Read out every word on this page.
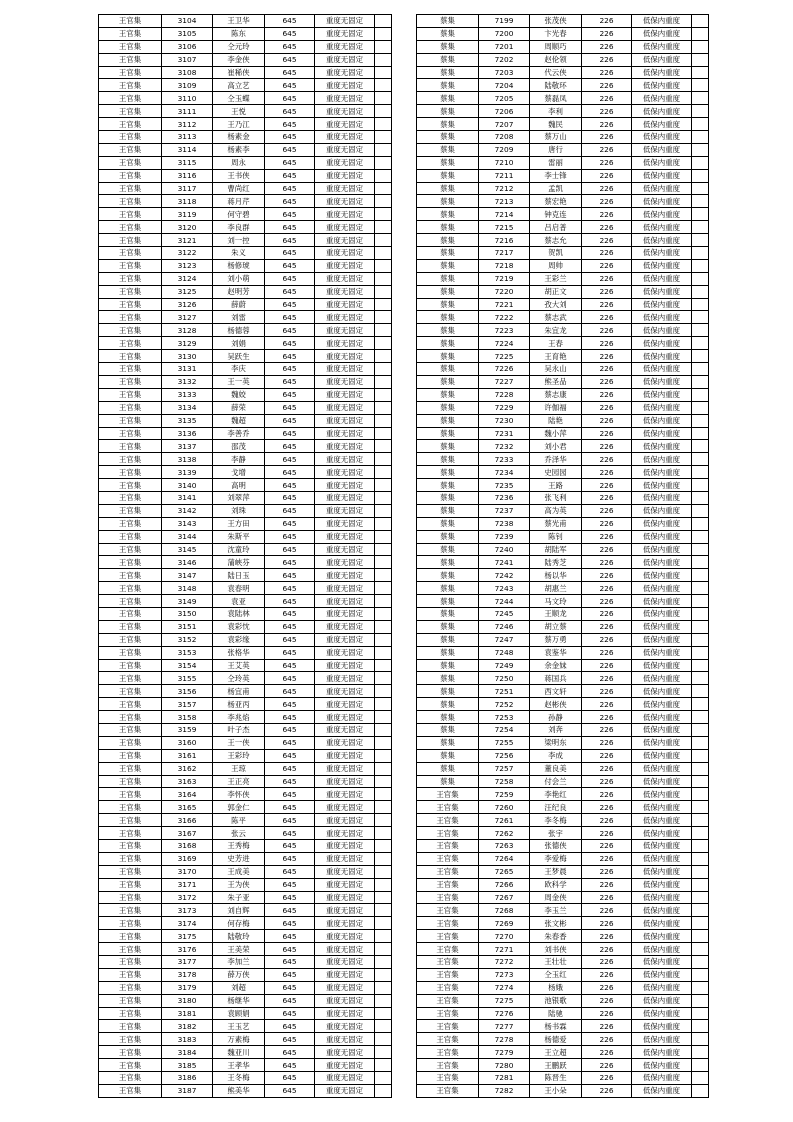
王官集	3104	王卫华	645	重度无固定	
王官集	3105	陈东	645	重度无固定	
王官集	3106	仝元玲	645	重度无固定	
王官集	3107	李金侠	645	重度无固定	
王官集	3108	崔稀侠	645	重度无固定	
王官集	3109	高立艺	645	重度无固定	
王官集	3110	仝玉蝶	645	重度无固定	
王官集	3111	王悦	645	重度无固定	
王官集	3112	王乃江	645	重度无固定	
王官集	3113	杨素金	645	重度无固定	
王官集	3114	杨素李	645	重度无固定	
王官集	3115	周永	645	重度无固定	
王官集	3116	王书侠	645	重度无固定	
王官集	3117	曹尚红	645	重度无固定	
王官集	3118	蒋月芹	645	重度无固定	
王官集	3119	何守碧	645	重度无固定	
王官集	3120	李良群	645	重度无固定	
王官集	3121	刘一控	645	重度无固定	
王官集	3122	朱义	645	重度无固定	
王官集	3123	杨修琥	645	重度无固定	
王官集	3124	刘小萌	645	重度无固定	
王官集	3125	赵明芳	645	重度无固定	
王官集	3126	薛蔚	645	重度无固定	
王官集	3127	刘雷	645	重度无固定	
王官集	3128	杨德蓉	645	重度无固定	
王官集	3129	刘娟	645	重度无固定	
王官集	3130	吴跃生	645	重度无固定	
王官集	3131	李庆	645	重度无固定	
王官集	3132	王一英	645	重度无固定	
王官集	3133	魏姣	645	重度无固定	
王官集	3134	薛荣	645	重度无固定	
王官集	3135	魏超	645	重度无固定	
王官集	3136	李善乔	645	重度无固定	
王官集	3137	邵茂	645	重度无固定	
王官集	3138	李静	645	重度无固定	
王官集	3139	戈增	645	重度无固定	
王官集	3140	高明	645	重度无固定	
王官集	3141	刘翠萍	645	重度无固定	
王官集	3142	刘珠	645	重度无固定	
王官集	3143	王方田	645	重度无固定	
王官集	3144	朱斯平	645	重度无固定	
王官集	3145	沈童玲	645	重度无固定	
王官集	3146	蒲峡芬	645	重度无固定	
王官集	3147	陆日玉	645	重度无固定	
王官集	3148	袁春明	645	重度无固定	
王官集	3149	袁亚	645	重度无固定	
王官集	3150	袁陆林	645	重度无固定	
王官集	3151	袁彩忱	645	重度无固定	
王官集	3152	袁彩缘	645	重度无固定	
王官集	3153	张格华	645	重度无固定	
王官集	3154	王艾英	645	重度无固定	
王官集	3155	仝玲英	645	重度无固定	
王官集	3156	杨宜甫	645	重度无固定	
王官集	3157	杨亚丙	645	重度无固定	
王官集	3158	李兆焰	645	重度无固定	
王官集	3159	叶子杰	645	重度无固定	
王官集	3160	王一侠	645	重度无固定	
王官集	3161	王彩玲	645	重度无固定	
王官集	3162	王琼	645	重度无固定	
王官集	3163	王正亮	645	重度无固定	
王官集	3164	李怀侠	645	重度无固定	
王官集	3165	郭金仁	645	重度无固定	
王官集	3166	陈平	645	重度无固定	
王官集	3167	张云	645	重度无固定	
王官集	3168	王秀梅	645	重度无固定	
王官集	3169	史芳进	645	重度无固定	
王官集	3170	王成美	645	重度无固定	
王官集	3171	王为侠	645	重度无固定	
王官集	3172	朱子亚	645	重度无固定	
王官集	3173	刘自辉	645	重度无固定	
王官集	3174	何存梅	645	重度无固定	
王官集	3175	陆敬玲	645	重度无固定	
王官集	3176	王美荣	645	重度无固定	
王官集	3177	李加兰	645	重度无固定	
王官集	3178	薛万侠	645	重度无固定	
王官集	3179	刘超	645	重度无固定	
王官集	3180	杨继华	645	重度无固定	
王官集	3181	袁顾娟	645	重度无固定	
王官集	3182	王玉艺	645	重度无固定	
王官集	3183	万素梅	645	重度无固定	
王官集	3184	魏亚川	645	重度无固定	
王官集	3185	王孝华	645	重度无固定	
王官集	3186	王冬梅	645	重度无固定	
王官集	3187	熊美华	645	重度无固定	
蔡集	7199	张茂侠	226	低保内重度	
蔡集	7200	卞光春	226	低保内重度	
蔡集	7201	周顺巧	226	低保内重度	
蔡集	7202	赵伦领	226	低保内重度	
蔡集	7203	代云侠	226	低保内重度	
蔡集	7204	陆敬环	226	低保内重度	
蔡集	7205	蔡磊凤	226	低保内重度	
蔡集	7206	李利	226	低保内重度	
蔡集	7207	魏民	226	低保内重度	
蔡集	7208	蔡万山	226	低保内重度	
蔡集	7209	唐行	226	低保内重度	
蔡集	7210	雷丽	226	低保内重度	
蔡集	7211	李士锋	226	低保内重度	
蔡集	7212	孟凯	226	低保内重度	
蔡集	7213	蔡宏艳	226	低保内重度	
蔡集	7214	钟克连	226	低保内重度	
蔡集	7215	吕启普	226	低保内重度	
蔡集	7216	蔡志允	226	低保内重度	
蔡集	7217	贺凯	226	低保内重度	
蔡集	7218	周帅	226	低保内重度	
蔡集	7219	王彩兰	226	低保内重度	
蔡集	7220	胡正文	226	低保内重度	
蔡集	7221	孜大刘	226	低保内重度	
蔡集	7222	蔡志武	226	低保内重度	
蔡集	7223	朱宜龙	226	低保内重度	
蔡集	7224	王春	226	低保内重度	
蔡集	7225	王育艳	226	低保内重度	
蔡集	7226	吴永山	226	低保内重度	
蔡集	7227	熊圣品	226	低保内重度	
蔡集	7228	蔡志康	226	低保内重度	
蔡集	7229	许伽福	226	低保内重度	
蔡集	7230	陆艳	226	低保内重度	
蔡集	7231	魏小萍	226	低保内重度	
蔡集	7232	刘小君	226	低保内重度	
蔡集	7233	乔泽华	226	低保内重度	
蔡集	7234	史园园	226	低保内重度	
蔡集	7235	王路	226	低保内重度	
蔡集	7236	张飞利	226	低保内重度	
蔡集	7237	高为英	226	低保内重度	
蔡集	7238	蔡光甫	226	低保内重度	
蔡集	7239	陈钊	226	低保内重度	
蔡集	7240	胡陆军	226	低保内重度	
蔡集	7241	陆秀芝	226	低保内重度	
蔡集	7242	杨以华	226	低保内重度	
蔡集	7243	胡惠兰	226	低保内重度	
蔡集	7244	马文玲	226	低保内重度	
蔡集	7245	王顺龙	226	低保内重度	
蔡集	7246	胡立蔡	226	低保内重度	
蔡集	7247	蔡万勇	226	低保内重度	
蔡集	7248	袁鉴华	226	低保内重度	
蔡集	7249	余金妹	226	低保内重度	
蔡集	7250	蒋国兵	226	低保内重度	
蔡集	7251	西文轩	226	低保内重度	
蔡集	7252	赵彬侠	226	低保内重度	
蔡集	7253	孙静	226	低保内重度	
蔡集	7254	刘奔	226	低保内重度	
蔡集	7255	梁明东	226	低保内重度	
蔡集	7256	李成	226	低保内重度	
蔡集	7257	董良美	226	低保内重度	
蔡集	7258	付会兰	226	低保内重度	
王官集	7259	李艳红	226	低保内重度	
王官集	7260	汪纪良	226	低保内重度	
王官集	7261	李冬梅	226	低保内重度	
王官集	7262	张宇	226	低保内重度	
王官集	7263	张德侠	226	低保内重度	
王官集	7264	李爱梅	226	低保内重度	
王官集	7265	王梦晨	226	低保内重度	
王官集	7266	欧科学	226	低保内重度	
王官集	7267	周金侠	226	低保内重度	
王官集	7268	李玉兰	226	低保内重度	
王官集	7269	张文彬	226	低保内重度	
王官集	7270	朱春香	226	低保内重度	
王官集	7271	刘书侠	226	低保内重度	
王官集	7272	王壮壮	226	低保内重度	
王官集	7273	仝玉红	226	低保内重度	
王官集	7274	杨娥	226	低保内重度	
王官集	7275	池银歌	226	低保内重度	
王官集	7276	陆驰	226	低保内重度	
王官集	7277	杨书霖	226	低保内重度	
王官集	7278	杨德爱	226	低保内重度	
王官集	7279	王立超	226	低保内重度	
王官集	7280	王鹏跃	226	低保内重度	
王官集	7281	陈晋生	226	低保内重度	
王官集	7282	王小朵	226	低保内重度	
